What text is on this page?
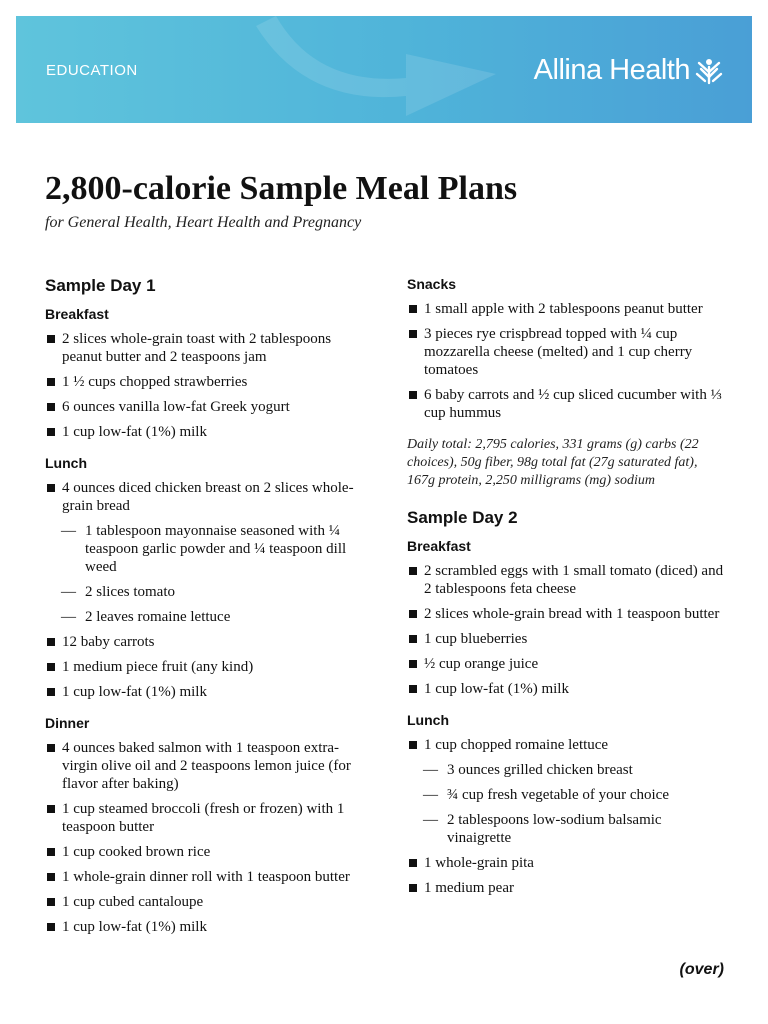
EDUCATION	Allina Health
2,800-calorie Sample Meal Plans

for General Health, Heart Health and Pregnancy

Sample Day 1
Breakfast
2 slices whole-grain toast with 2 tablespoons peanut butter and 2 teaspoons jam
1 ½ cups chopped strawberries
6 ounces vanilla low-fat Greek yogurt
1 cup low-fat (1%) milk
Lunch
4 ounces diced chicken breast on 2 slices whole-grain bread
— 1 tablespoon mayonnaise seasoned with ¼ teaspoon garlic powder and ¼ teaspoon dill weed
— 2 slices tomato
— 2 leaves romaine lettuce
12 baby carrots
1 medium piece fruit (any kind)
1 cup low-fat (1%) milk
Dinner
4 ounces baked salmon with 1 teaspoon extra-virgin olive oil and 2 teaspoons lemon juice (for flavor after baking)
1 cup steamed broccoli (fresh or frozen) with 1 teaspoon butter
1 cup cooked brown rice
1 whole-grain dinner roll with 1 teaspoon butter
1 cup cubed cantaloupe
1 cup low-fat (1%) milk
Snacks
1 small apple with 2 tablespoons peanut butter
3 pieces rye crispbread topped with ¼ cup mozzarella cheese (melted) and 1 cup cherry tomatoes
6 baby carrots and ½ cup sliced cucumber with ⅓ cup hummus

Daily total: 2,795 calories, 331 grams (g) carbs (22 choices), 50g fiber, 98g total fat (27g saturated fat), 167g protein, 2,250 milligrams (mg) sodium

Sample Day 2
Breakfast
2 scrambled eggs with 1 small tomato (diced) and 2 tablespoons feta cheese
2 slices whole-grain bread with 1 teaspoon butter
1 cup blueberries
½ cup orange juice
1 cup low-fat (1%) milk
Lunch
1 cup chopped romaine lettuce
— 3 ounces grilled chicken breast
— ¾ cup fresh vegetable of your choice
— 2 tablespoons low-sodium balsamic vinaigrette
1 whole-grain pita
1 medium pear
(over)
